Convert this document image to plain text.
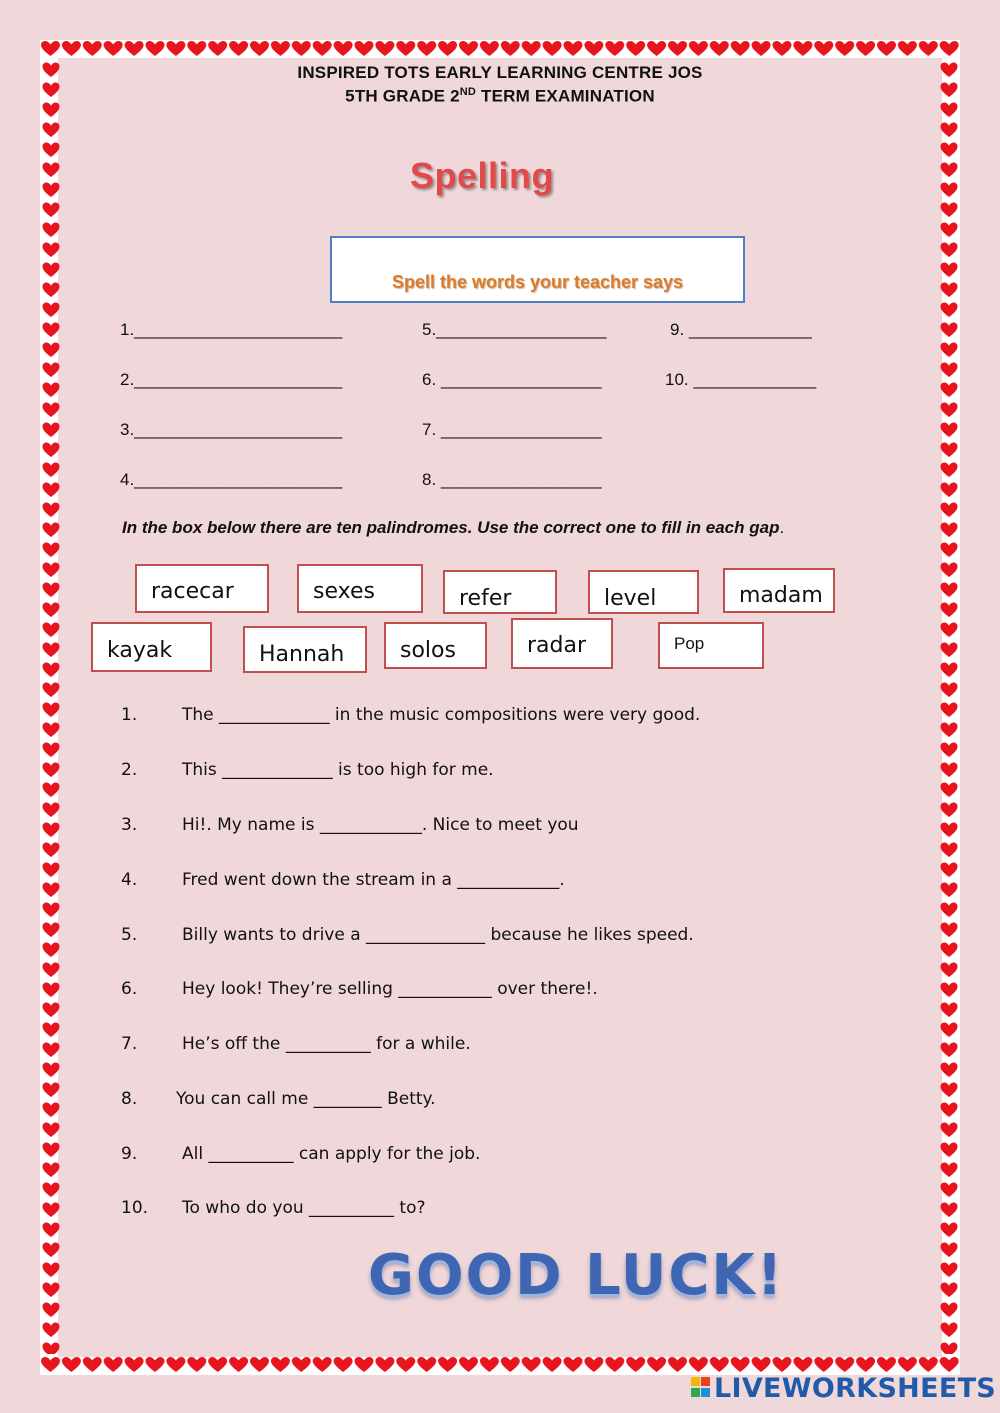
INSPIRED TOTS EARLY LEARNING CENTRE JOS
5TH GRADE 2ND TERM EXAMINATION
Spelling
Spell the words your teacher says
1.______________________
2.______________________
3.______________________
4.______________________
5.__________________
6. _________________
7. _________________
8. _________________
9. _____________
10. _____________
In the box below there are ten palindromes. Use the correct one to fill in each gap.
racecar	sexes	refer	level	madam
kayak	Hannah	solos	radar	Pop
1.	The _____________ in the music compositions were very good.
2.	This _____________ is too high for me.
3.	Hi!. My name is ____________. Nice to meet you
4.	Fred went down the stream in a ____________.
5.	Billy wants to drive a ______________ because he likes speed.
6.	Hey look! They’re selling ___________ over there!.
7.	He’s off the __________ for a while.
8. You can call me ________ Betty.
9.	All __________ can apply for the job.
10. To who do you __________ to?
GOOD LUCK!
LIVEWORKSHEETS
